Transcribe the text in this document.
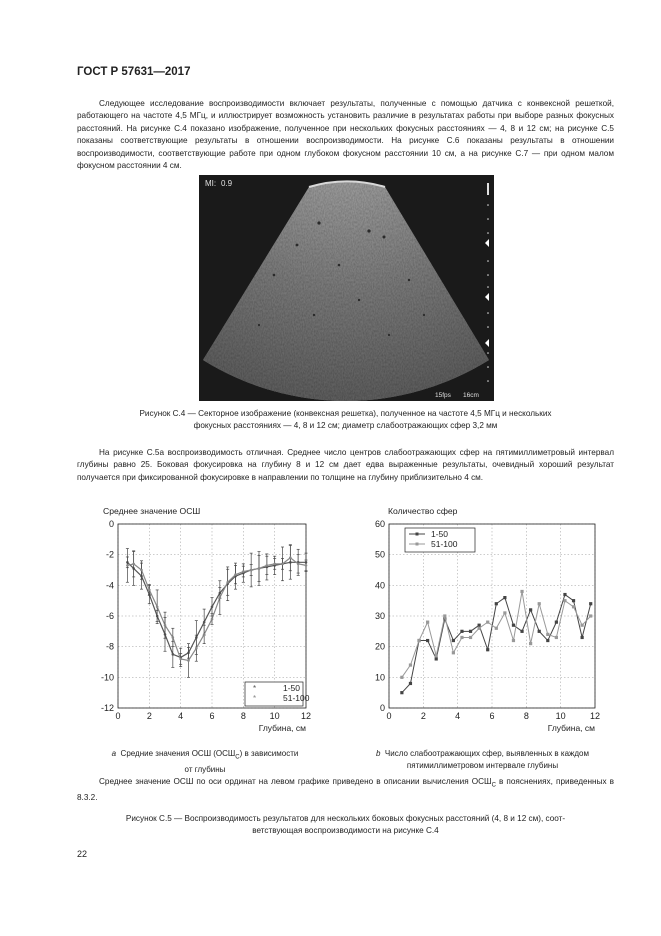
ГОСТ Р 57631—2017
Следующее исследование воспроизводимости включает результаты, полученные с помощью датчика с конвексной решеткой, работающего на частоте 4,5 МГц, и иллюстрирует возможность установить различие в результатах работы при выборе разных фокусных расстояний. На рисунке С.4 показано изображение, полученное при нескольких фокусных расстояниях — 4, 8 и 12 см; на рисунке С.5 показаны соответствующие результаты в отношении воспроизводимости. На рисунке С.6 показаны результаты в отношении воспроизводимости, соответствующие работе при одном глубоком фокусном расстоянии 10 см, а на рисунке С.7 — при одном малом фокусном расстоянии 4 см.
MI: 0.9
15fps 16cm
Рисунок С.4 — Секторное изображение (конвексная решетка), полученное на частоте 4,5 МГц и нескольких
фокусных расстояниях — 4, 8 и 12 см; диаметр слабоотражающих сфер 3,2 мм
На рисунке С.5а воспроизводимость отличная. Среднее число центров слабоотражающих сфер на пятимиллиметровый интервал глубины равно 25. Боковая фокусировка на глубину 8 и 12 см дает едва выраженные результаты, очевидный хороший результат получается при фиксированной фокусировке в направлении по толщине на глубину приблизительно 4 см.
Среднее значение ОСШ
0	2	4	6	8	10 12
0
-2
-4
-6
-8
-10
-12
Глубина, см
*	1-50
*	51-100
Количество сфер
0	2	4	6	8	10	12
0
10
20
30
40
50
60
Глубина, см
1-50
51-100
a Средние значения ОСШ $(ОСШ_С)$ в зависимости
от глубины
b Число слабоотражающих сфер, выявленных в каждом
пятимиллиметровом интервале глубины
Среднее значение ОСШ по оси ординат на левом графике приведено в описании вычисления $ОСШ_С$ в пояснениях, приведенных в 8.3.2.
Рисунок С.5 — Воспроизводимость результатов для нескольких боковых фокусных расстояний (4, 8 и 12 см), соот-
ветствующая воспроизводимости на рисунке С.4
22
